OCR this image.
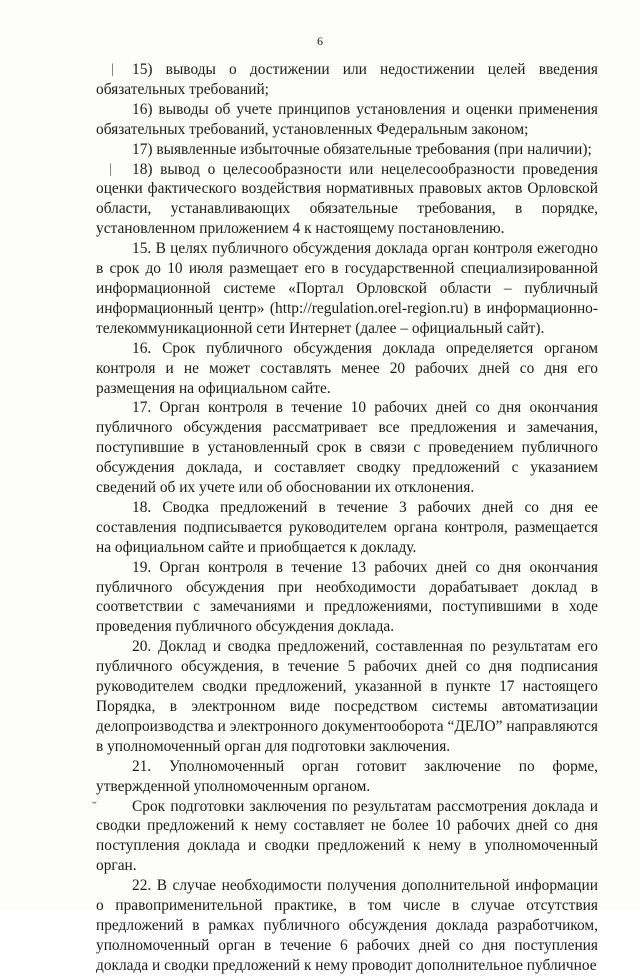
6
|
|
ˇ

15) выводы о достижении или недостижении целей введения обязательных требований;

16) выводы об учете принципов установления и оценки применения обязательных требований, установленных Федеральным законом;

17) выявленные избыточные обязательные требования (при наличии);

18) вывод о целесообразности или нецелесообразности проведения оценки фактического воздействия нормативных правовых актов Орловской области, устанавливающих обязательные требования, в порядке, установленном приложением 4 к настоящему постановлению.

15. В целях публичного обсуждения доклада орган контроля ежегодно в срок до 10 июля размещает его в государственной специализированной информационной системе «Портал Орловской области – публичный информационный центр» (http://regulation.orel-region.ru) в информационно-телекоммуникационной сети Интернет (далее – официальный сайт).

16. Срок публичного обсуждения доклада определяется органом контроля и не может составлять менее 20 рабочих дней со дня его размещения на официальном сайте.

17. Орган контроля в течение 10 рабочих дней со дня окончания публичного обсуждения рассматривает все предложения и замечания, поступившие в установленный срок в связи с проведением публичного обсуждения доклада, и составляет сводку предложений с указанием сведений об их учете или об обосновании их отклонения.

18. Сводка предложений в течение 3 рабочих дней со дня ее составления подписывается руководителем органа контроля, размещается на официальном сайте и приобщается к докладу.

19. Орган контроля в течение 13 рабочих дней со дня окончания публичного обсуждения при необходимости дорабатывает доклад в соответствии с замечаниями и предложениями, поступившими в ходе проведения публичного обсуждения доклада.

20. Доклад и сводка предложений, составленная по результатам его публичного обсуждения, в течение 5 рабочих дней со дня подписания руководителем сводки предложений, указанной в пункте 17 настоящего Порядка, в электронном виде посредством системы автоматизации делопроизводства и электронного документооборота “ДЕЛО” направляются в уполномоченный орган для подготовки заключения.

21. Уполномоченный орган готовит заключение по форме, утвержденной уполномоченным органом.

Срок подготовки заключения по результатам рассмотрения доклада и сводки предложений к нему составляет не более 10 рабочих дней со дня поступления доклада и сводки предложений к нему в уполномоченный орган.

22. В случае необходимости получения дополнительной информации о правоприменительной практике, в том числе в случае отсутствия предложений в рамках публичного обсуждения доклада разработчиком, уполномоченный орган в течение 6 рабочих дней со дня поступления доклада и сводки предложений к нему проводит дополнительное публичное
